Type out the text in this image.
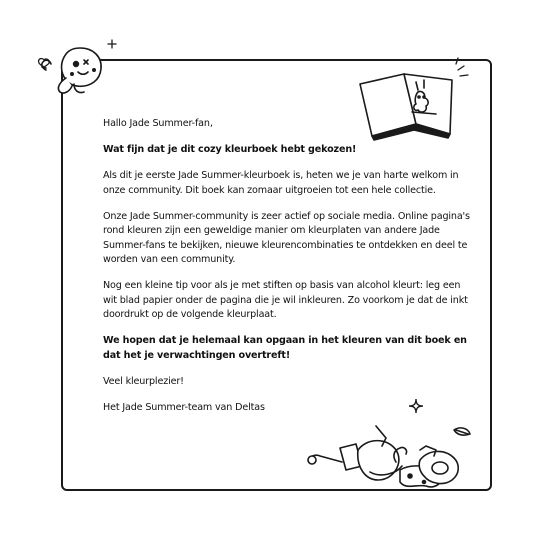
Hallo Jade Summer-fan,

Wat fijn dat je dit cozy kleurboek hebt gekozen!

Als dit je eerste Jade Summer-kleurboek is, heten we je van harte welkom in onze community. Dit boek kan zomaar uitgroeien tot een hele collectie.

Onze Jade Summer-community is zeer actief op sociale media. Online pagina's rond kleuren zijn een geweldige manier om kleurplaten van andere Jade Summer-fans te bekijken, nieuwe kleurencombinaties te ontdekken en deel te worden van een community.

Nog een kleine tip voor als je met stiften op basis van alcohol kleurt: leg een wit blad papier onder de pagina die je wil inkleuren. Zo voorkom je dat de inkt doordrukt op de volgende kleurplaat.

We hopen dat je helemaal kan opgaan in het kleuren van dit boek en dat het je verwachtingen overtreft!

Veel kleurplezier!

Het Jade Summer-team van Deltas
